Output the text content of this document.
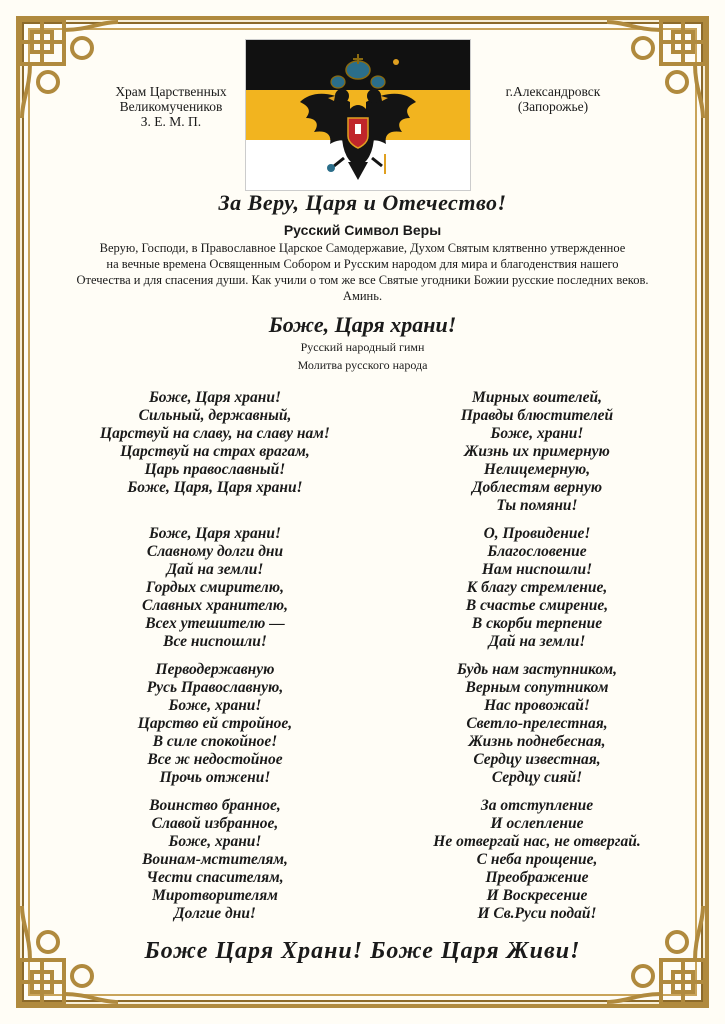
Храм Царственных
Великомучеников
З. Е. М. П.
г.Александровск
(Запорожье)
За Веру, Царя и Отечество!
Русский Символ Веры
Верую, Господи, в Православное Царское Самодержавие, Духом Святым клятвенно утвержденное
на вечные времена Освященным Собором и Русским народом для мира и благоденствия нашего
Отечества и для спасения души. Как учили о том же все Святые угодники Божии русские последних веков.
Аминь.
Боже, Царя храни!
Русский народный гимн
Молитва русского народа
Боже, Царя храни!
Сильный, державный,
Царствуй на славу, на славу нам!
Царствуй на страх врагам,
Царь православный!
Боже, Царя, Царя храни!
Боже, Царя храни!
Славному долги дни
Дай на земли!
Гордых смирителю,
Славных хранителю,
Всех утешителю —
Все ниспошли!
Перводержавную
Русь Православную,
Боже, храни!
Царство ей стройное,
В силе спокойное!
Все ж недостойное
Прочь отжени!
Воинство бранное,
Славой избранное,
Боже, храни!
Воинам-мстителям,
Чести спасителям,
Миротворителям
Долгие дни!
Мирных воителей,
Правды блюстителей
Боже, храни!
Жизнь их примерную
Нелицемерную,
Доблестям верную
Ты помяни!
О, Провидение!
Благословение
Нам ниспошли!
К благу стремление,
В счастье смирение,
В скорби терпение
Дай на земли!
Будь нам заступником,
Верным сопутником
Нас провожай!
Светло-прелестная,
Жизнь поднебесная,
Сердцу известная,
Сердцу сияй!
За отступление
И ослепление
Не отвергай нас, не отвергай.
С неба прощение,
Преображение
И Воскресение
И Св.Руси подай!
Боже Царя Храни! Боже Царя Живи!
